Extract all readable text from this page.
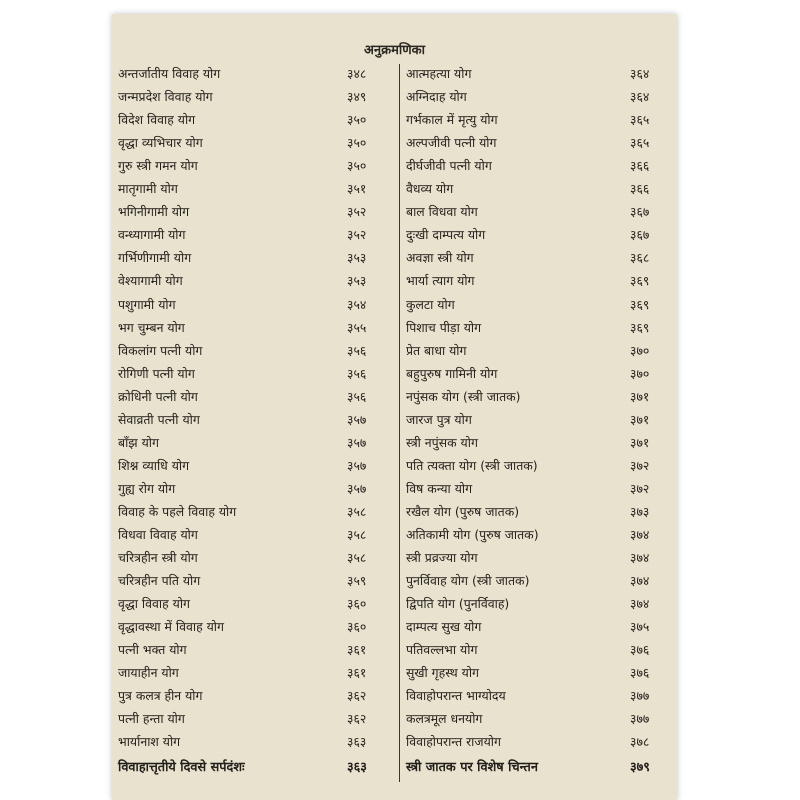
अनुक्रमणिका
अन्तर्जातीय विवाह योग	३४८	आत्महत्या योग	३६४
जन्मप्रदेश विवाह योग	३४९	अग्निदाह योग	३६४
विदेश विवाह योग	३५०	गर्भकाल में मृत्यु योग	३६५
वृद्धा व्यभिचार योग	३५०	अल्पजीवी पत्नी योग	३६५
गुरु स्त्री गमन योग	३५०	दीर्घजीवी पत्नी योग	३६६
मातृगामी योग	३५१	वैधव्य योग	३६६
भगिनीगामी योग	३५२	बाल विधवा योग	३६७
वन्ध्यागामी योग	३५२	दुःखी दाम्पत्य योग	३६७
गर्भिणीगामी योग	३५३	अवज्ञा स्त्री योग	३६८
वेश्यागामी योग	३५३	भार्या त्याग योग	३६९
पशुगामी योग	३५४	कुलटा योग	३६९
भग चुम्बन योग	३५५	पिशाच पीड़ा योग	३६९
विकलांग पत्नी योग	३५६	प्रेत बाधा योग	३७०
रोगिणी पत्नी योग	३५६	बहुपुरुष गामिनी योग	३७०
क्रोधिनी पत्नी योग	३५६	नपुंसक योग (स्त्री जातक)	३७१
सेवाव्रती पत्नी योग	३५७	जारज पुत्र योग	३७१
बाँझ योग	३५७	स्त्री नपुंसक योग	३७१
शिश्न व्याधि योग	३५७	पति त्यक्ता योग (स्त्री जातक)	३७२
गुह्य रोग योग	३५७	विष कन्या योग	३७२
विवाह के पहले विवाह योग	३५८	रखैल योग (पुरुष जातक)	३७३
विधवा विवाह योग	३५८	अतिकामी योग (पुरुष जातक)	३७४
चरित्रहीन स्त्री योग	३५८	स्त्री प्रव्रज्या योग	३७४
चरित्रहीन पति योग	३५९	पुनर्विवाह योग (स्त्री जातक)	३७४
वृद्धा विवाह योग	३६०	द्विपति योग (पुनर्विवाह)	३७४
वृद्धावस्था में विवाह योग	३६०	दाम्पत्य सुख योग	३७५
पत्नी भक्त योग	३६१	पतिवल्लभा योग	३७६
जायाहीन योग	३६१	सुखी गृहस्थ योग	३७६
पुत्र कलत्र हीन योग	३६२	विवाहोपरान्त भाग्योदय	३७७
पत्नी हन्ता योग	३६२	कलत्रमूल धनयोग	३७७
भार्यानाश योग	३६३	विवाहोपरान्त राजयोग	३७८
विवाहात्तृतीये दिवसे सर्पदंशः	३६३	स्त्री जातक पर विशेष चिन्तन	३७९
